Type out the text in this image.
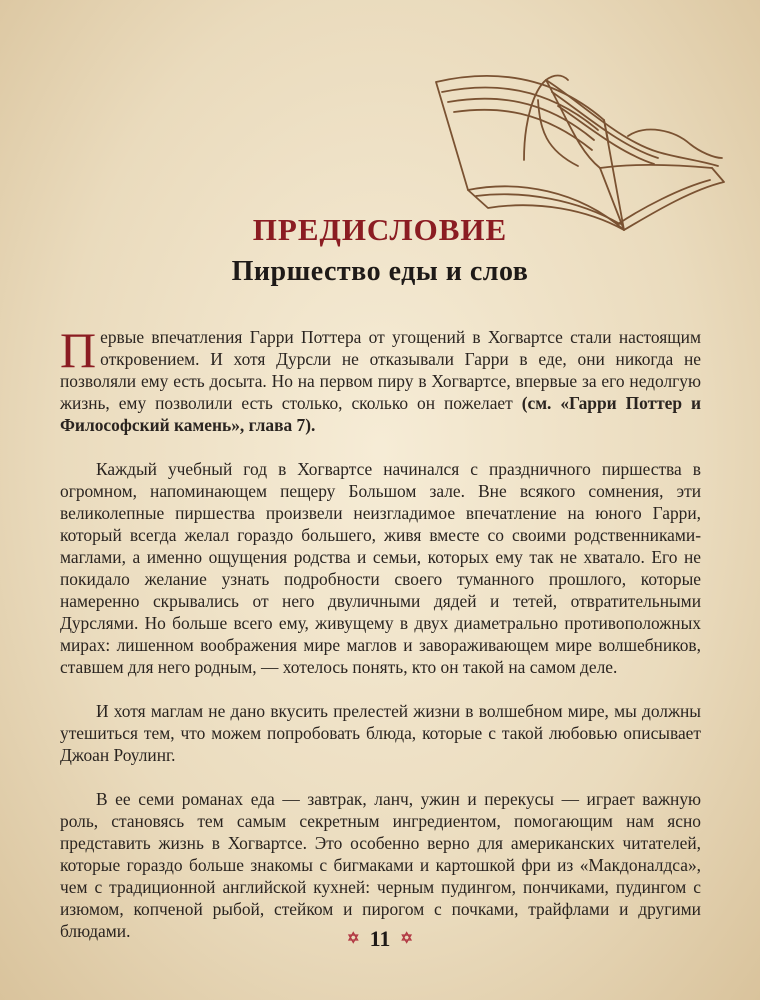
ПРЕДИСЛОВИЕ
Пиршество еды и слов

Первые впечатления Гарри Поттера от угощений в Хогвартсе стали настоящим откровением. И хотя Дурсли не отказывали Гарри в еде, они никогда не позволяли ему есть досыта. Но на первом пиру в Хогвартсе, впервые за его недолгую жизнь, ему позволили есть столько, сколько он пожелает (см. «Гарри Поттер и Философский камень», глава 7).

Каждый учебный год в Хогвартсе начинался с праздничного пиршества в огромном, напоминающем пещеру Большом зале. Вне всякого сомнения, эти великолепные пиршества произвели неизгладимое впечатление на юного Гарри, который всегда желал гораздо большего, живя вместе со своими родственниками-маглами, а именно ощущения родства и семьи, которых ему так не хватало. Его не покидало желание узнать подробности своего туманного прошлого, которые намеренно скрывались от него двуличными дядей и тетей, отвратительными Дурслями. Но больше всего ему, живущему в двух диаметрально противоположных мирах: лишенном воображения мире маглов и завораживающем мире волшебников, ставшем для него родным, — хотелось понять, кто он такой на самом деле.

И хотя маглам не дано вкусить прелестей жизни в волшебном мире, мы должны утешиться тем, что можем попробовать блюда, которые с такой любовью описывает Джоан Роулинг.

В ее семи романах еда — завтрак, ланч, ужин и перекусы — играет важную роль, становясь тем самым секретным ингредиентом, помогающим нам ясно представить жизнь в Хогвартсе. Это особенно верно для американских читателей, которые гораздо больше знакомы с бигмаками и картошкой фри из «Макдоналдса», чем с традиционной английской кухней: черным пудингом, пончиками, пудингом с изюмом, копченой рыбой, стейком и пирогом с почками, трайфлами и другими блюдами.	✡ 11 ✡
